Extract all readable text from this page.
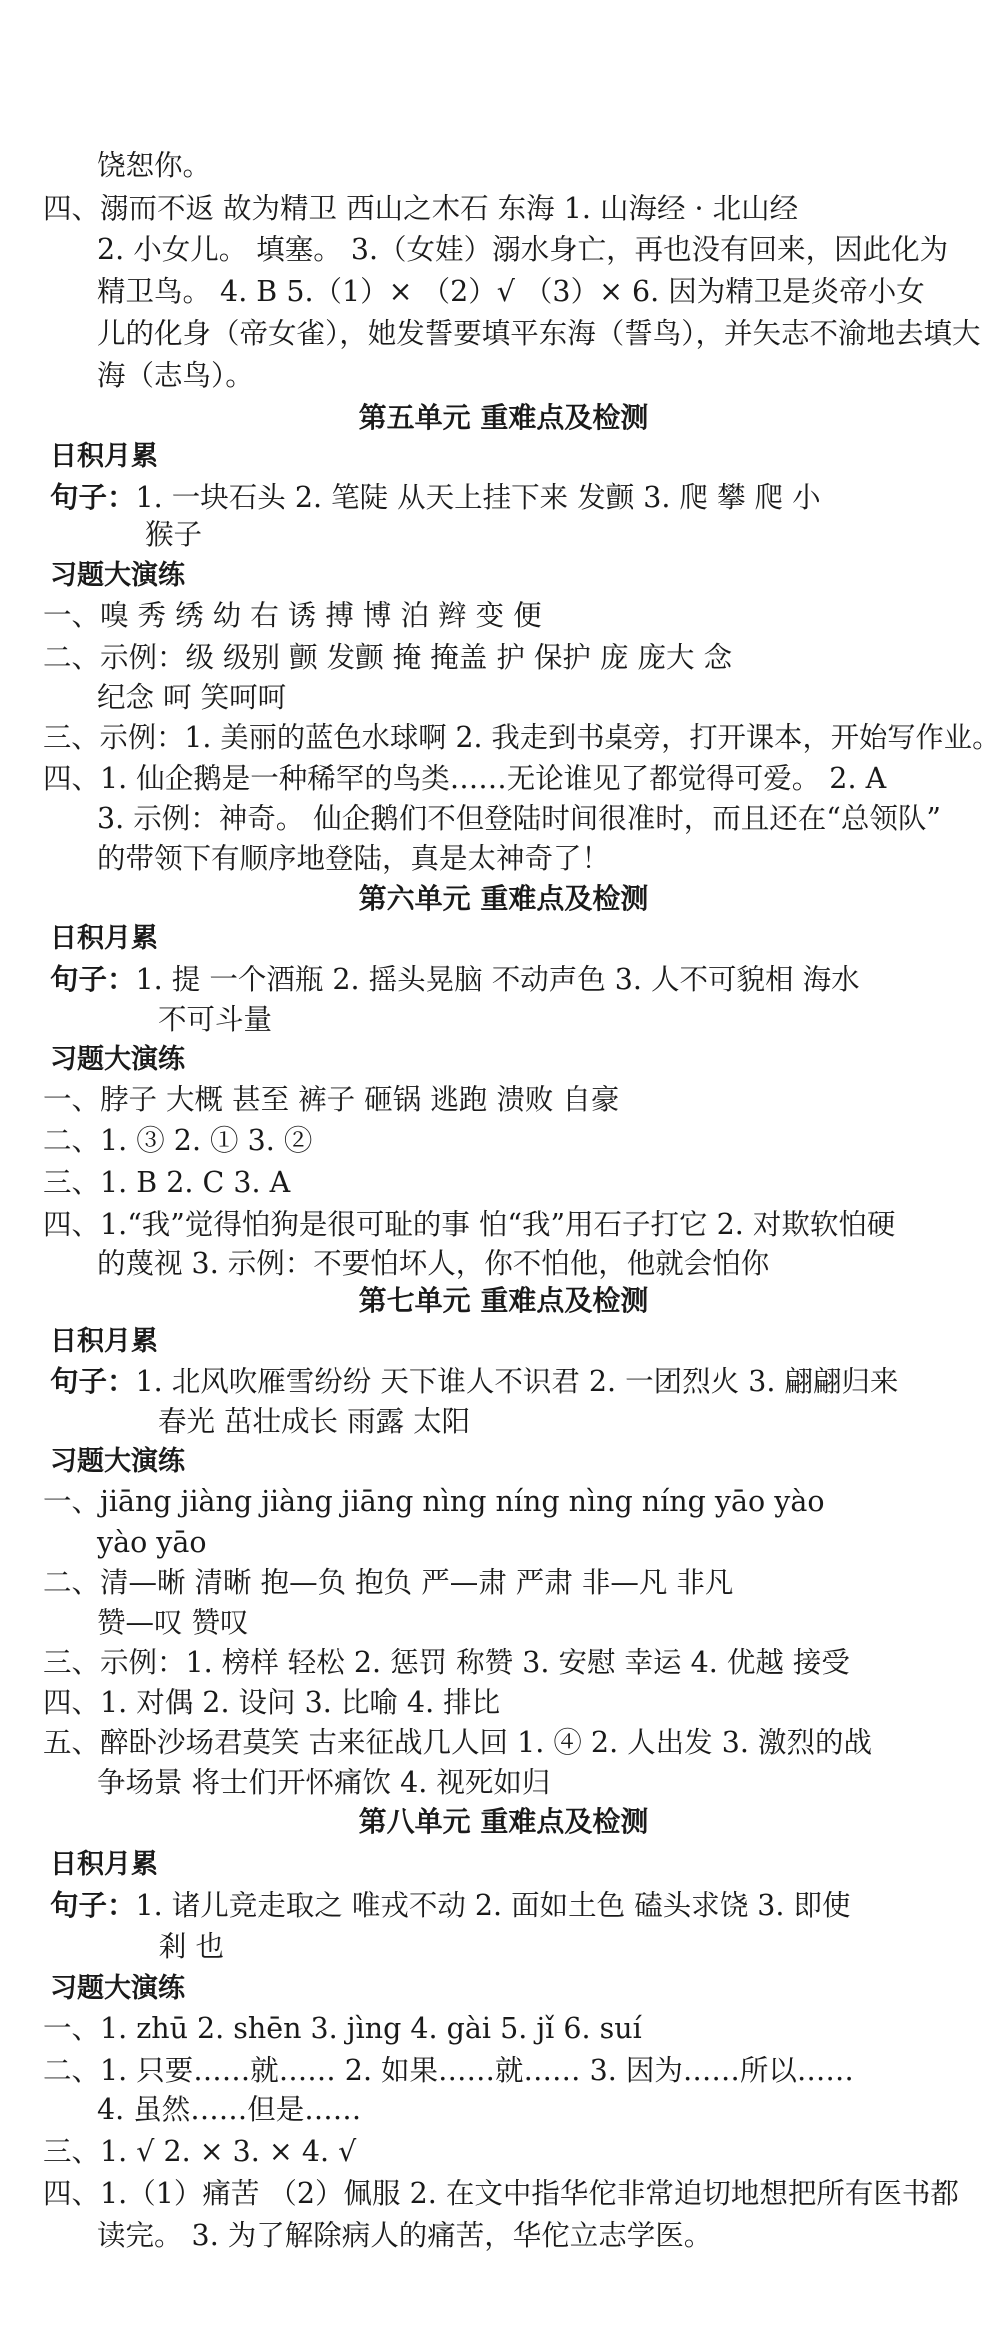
饶恕你。
四、溺而不返 故为精卫 西山之木石 东海 1. 山海经 · 北山经
2. 小女儿。 填塞。 3.（女娃）溺水身亡，再也没有回来，因此化为
精卫鸟。 4. B 5.（1）× （2）√ （3）× 6. 因为精卫是炎帝小女
儿的化身（帝女雀），她发誓要填平东海（誓鸟），并矢志不渝地去填大
海（志鸟）。
第五单元 重难点及检测
日积月累
句子：1. 一块石头 2. 笔陡 从天上挂下来 发颤 3. 爬 攀 爬 小
猴子
习题大演练
一、嗅 秀 绣 幼 右 诱 搏 博 泊 辫 变 便
二、示例：级 级别 颤 发颤 掩 掩盖 护 保护 庞 庞大 念
纪念 呵 笑呵呵
三、示例：1. 美丽的蓝色水球啊 2. 我走到书桌旁，打开课本，开始写作业。
四、1. 仙企鹅是一种稀罕的鸟类……无论谁见了都觉得可爱。 2. A
3. 示例：神奇。 仙企鹅们不但登陆时间很准时，而且还在“总领队”
的带领下有顺序地登陆，真是太神奇了！
第六单元 重难点及检测
日积月累
句子：1. 提 一个酒瓶 2. 摇头晃脑 不动声色 3. 人不可貌相 海水
不可斗量
习题大演练
一、脖子 大概 甚至 裤子 砸锅 逃跑 溃败 自豪
二、1. ③ 2. ① 3. ②
三、1. B 2. C 3. A
四、1.“我”觉得怕狗是很可耻的事 怕“我”用石子打它 2. 对欺软怕硬
的蔑视 3. 示例：不要怕坏人，你不怕他，他就会怕你
第七单元 重难点及检测
日积月累
句子：1. 北风吹雁雪纷纷 天下谁人不识君 2. 一团烈火 3. 翩翩归来
春光 茁壮成长 雨露 太阳
习题大演练
一、jiāng jiàng jiàng jiāng nìng níng nìng níng yāo yào
yào yāo
二、清—晰 清晰 抱—负 抱负 严—肃 严肃 非—凡 非凡
赞—叹 赞叹
三、示例：1. 榜样 轻松 2. 惩罚 称赞 3. 安慰 幸运 4. 优越 接受
四、1. 对偶 2. 设问 3. 比喻 4. 排比
五、醉卧沙场君莫笑 古来征战几人回 1. ④ 2. 人出发 3. 激烈的战
争场景 将士们开怀痛饮 4. 视死如归
第八单元 重难点及检测
日积月累
句子：1. 诸儿竞走取之 唯戎不动 2. 面如土色 磕头求饶 3. 即使
剎 也
习题大演练
一、1. zhū 2. shēn 3. jìng 4. gài 5. jǐ 6. suí
二、1. 只要……就…… 2. 如果……就…… 3. 因为……所以……
4. 虽然……但是……
三、1. √ 2. × 3. × 4. √
四、1.（1）痛苦 （2）佩服 2. 在文中指华佗非常迫切地想把所有医书都
读完。 3. 为了解除病人的痛苦，华佗立志学医。
